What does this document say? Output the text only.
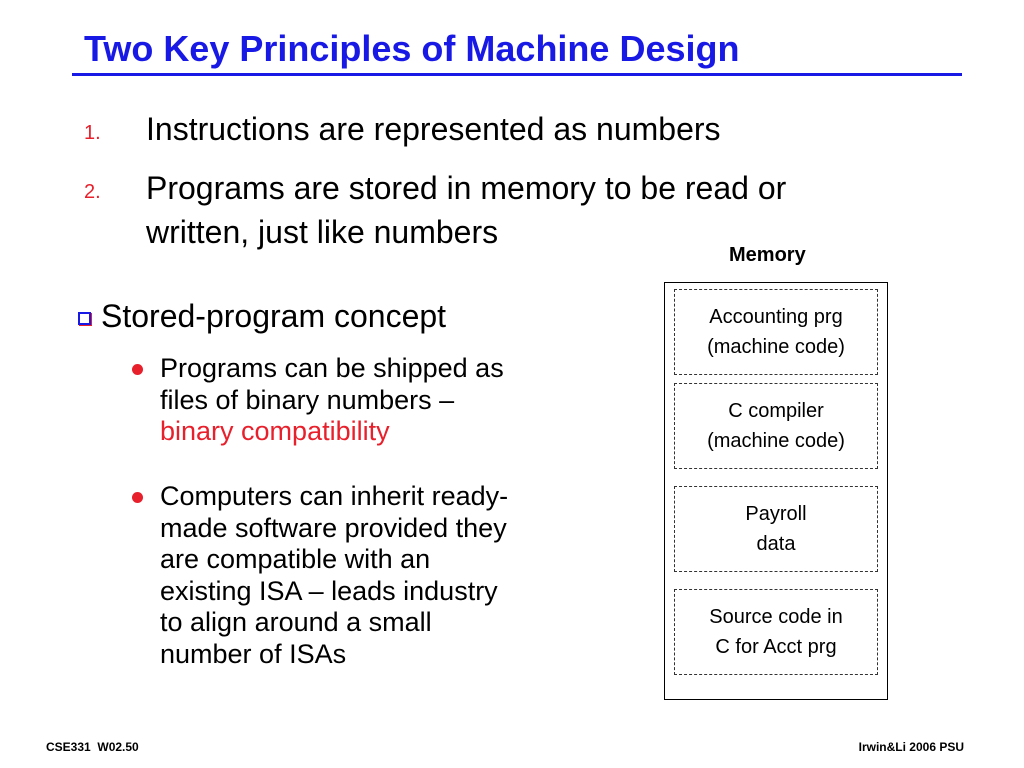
Two Key Principles of Machine Design
1. Instructions are represented as numbers
2. Programs are stored in memory to be read or
written, just like numbers
Stored-program concept
Programs can be shipped as
files of binary numbers –
binary compatibility
Computers can inherit ready-
made software provided they
are compatible with an
existing ISA – leads industry
to align around a small
number of ISAs
Memory
Accounting prg
(machine code)
C compiler
(machine code)
Payroll
data
Source code in
C for Acct prg
CSE331  W02.50	Irwin&Li 2006 PSU
